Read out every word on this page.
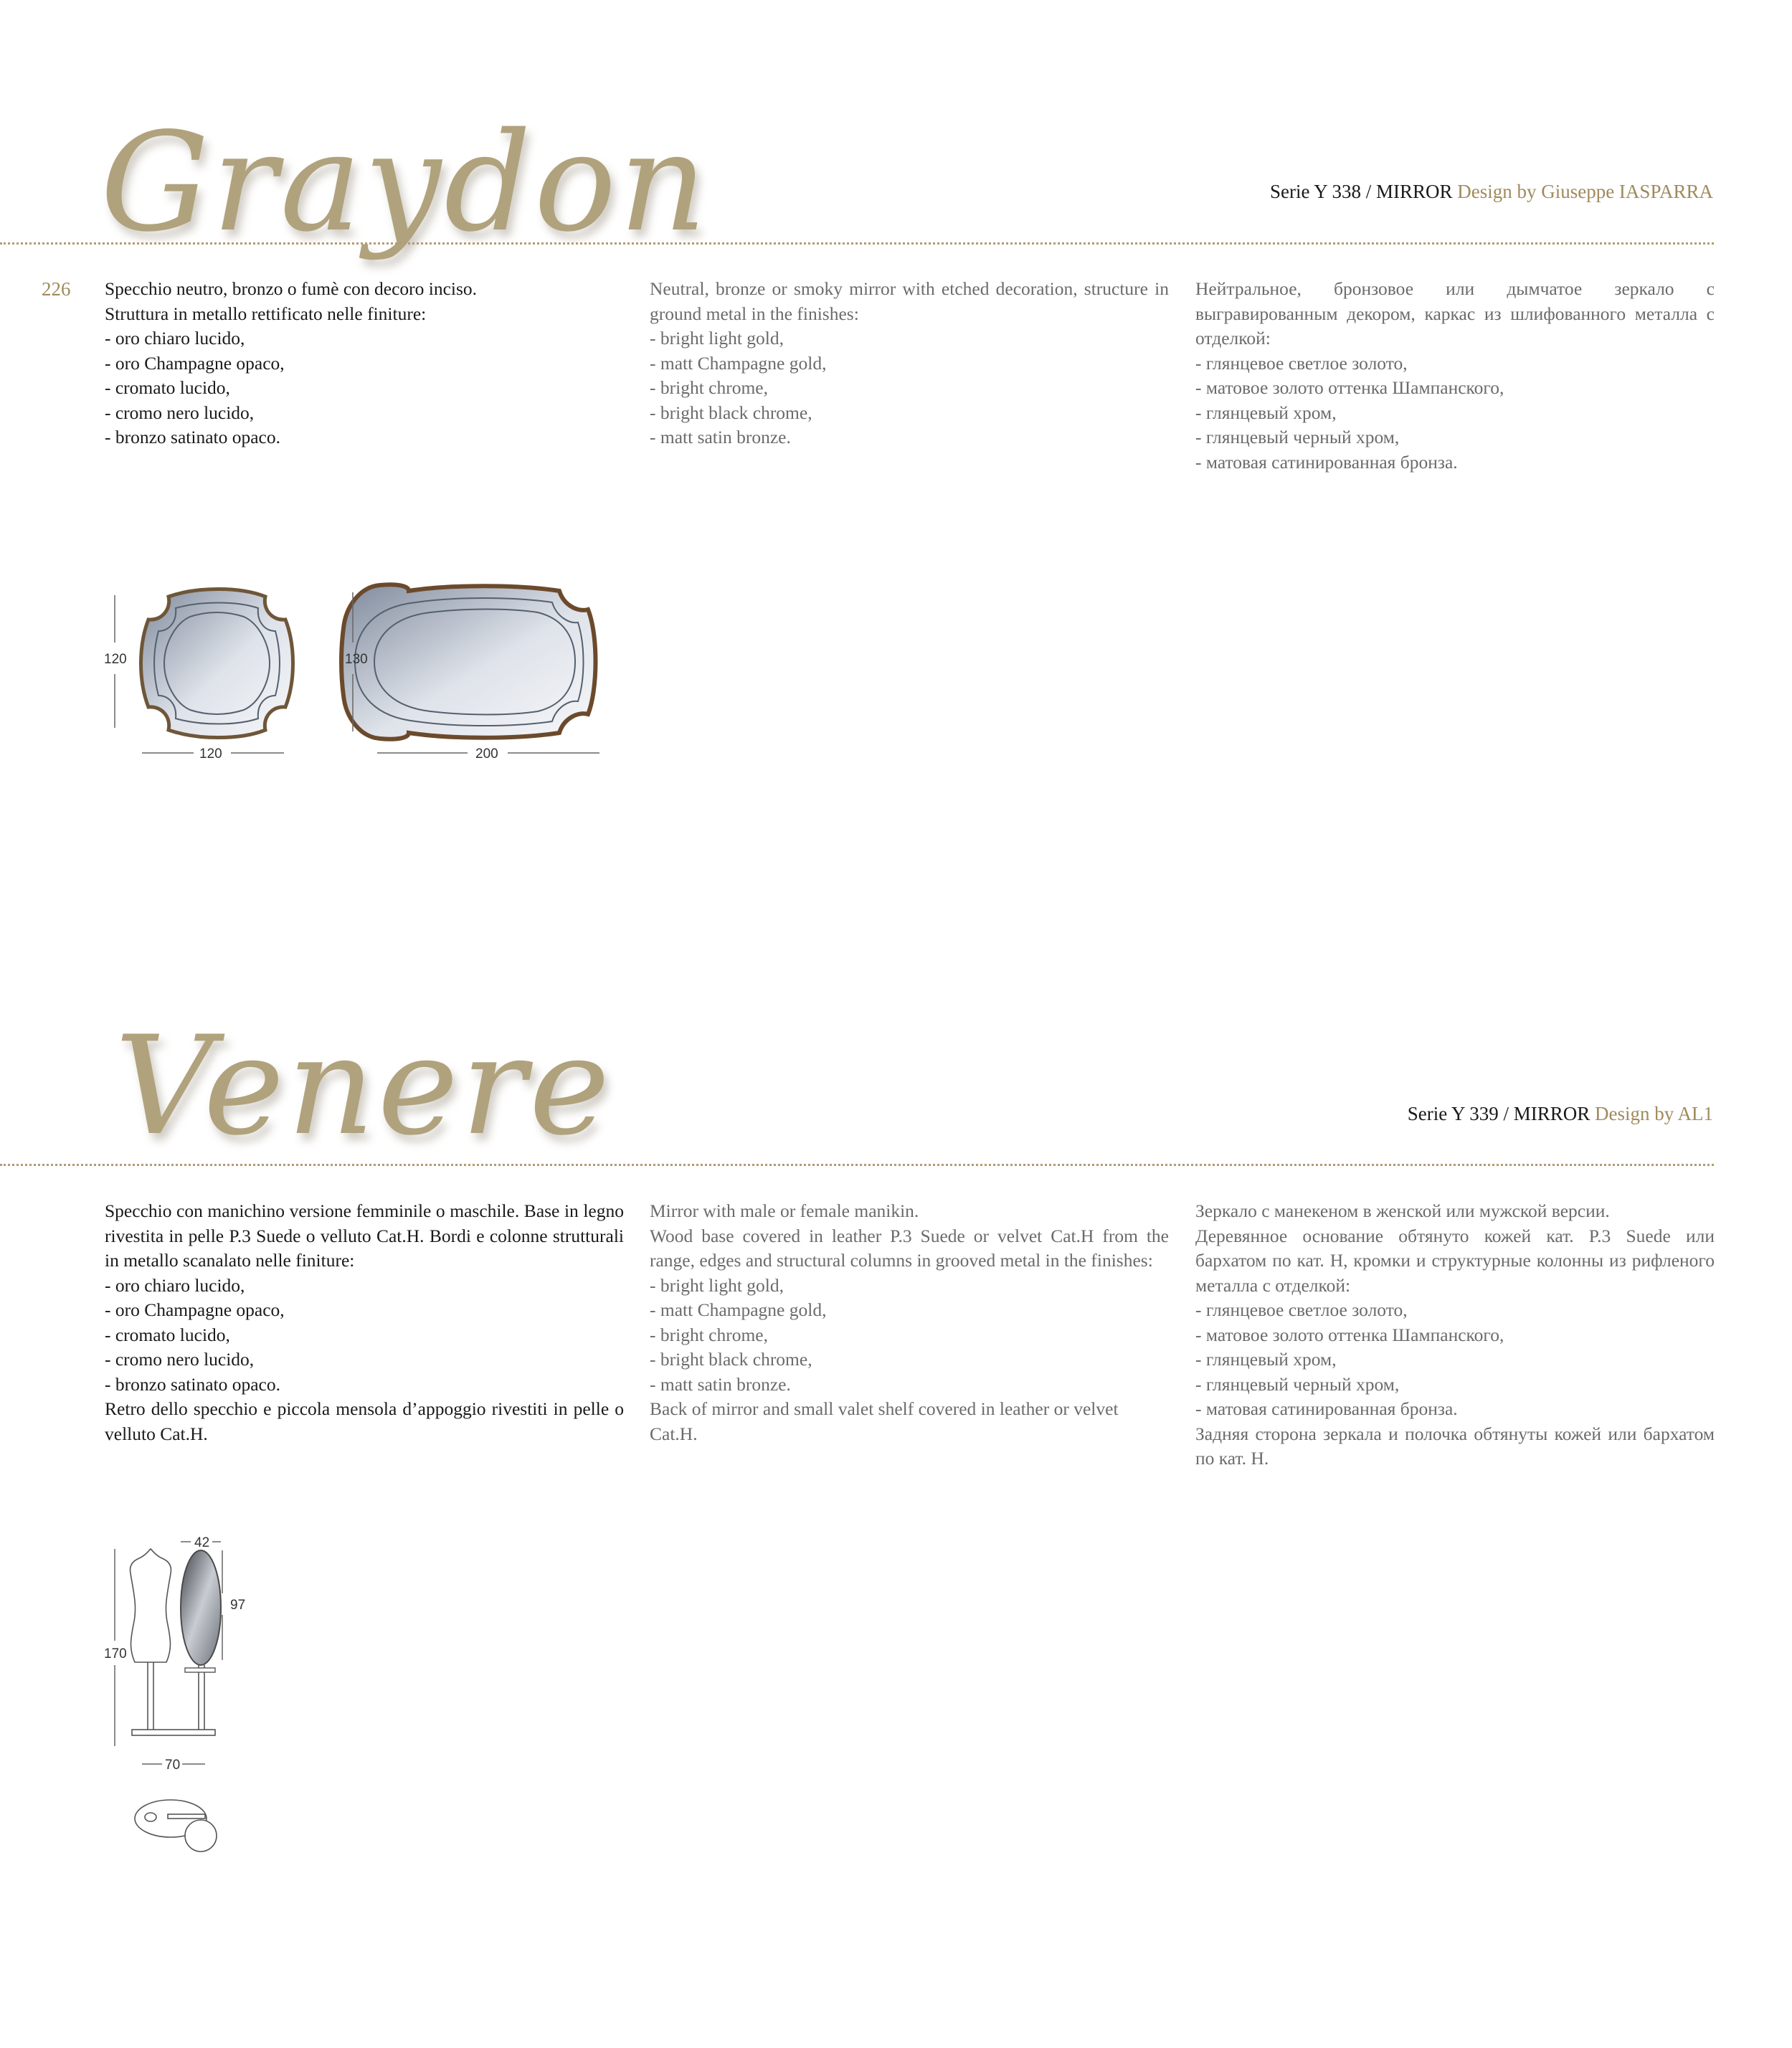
Graydon	Serie Y 338 / MIRROR Design by Giuseppe IASPARRA
226 Specchio neutro, bronzo o fumè con decoro inciso.

Struttura in metallo rettificato nelle finiture:

- oro chiaro lucido,

- oro Champagne opaco,

- cromato lucido,

- cromo nero lucido,

- bronzo satinato opaco.

Neutral, bronze or smoky mirror with etched decoration, structure in ground metal in the finishes:

- bright light gold,

- matt Champagne gold,

- bright chrome,

- bright black chrome,

- matt satin bronze.

Нейтральное, бронзовое или дымчатое зеркало с выгравированным декором, каркас из шлифованного металла с отделкой:

- глянцевое светлое золото,

- матовое золото оттенка Шампанского,

- глянцевый хром,

- глянцевый черный хром,

- матовая сатинированная бронза.

120
120
130
200
Venere	Serie Y 339 / MIRROR Design by AL1

Specchio con manichino versione femminile o maschile. Base in legno rivestita in pelle P.3 Suede o velluto Cat.H. Bordi e colonne strutturali in metallo scanalato nelle finiture:

- oro chiaro lucido,

- oro Champagne opaco,

- cromato lucido,

- cromo nero lucido,

- bronzo satinato opaco.

Retro dello specchio e piccola mensola d’appoggio rivestiti in pelle o velluto Cat.H.

Mirror with male or female manikin.

Wood base covered in leather P.3 Suede or velvet Cat.H from the range, edges and structural columns in grooved metal in the finishes:

- bright light gold,

- matt Champagne gold,

- bright chrome,

- bright black chrome,

- matt satin bronze.

Back of mirror and small valet shelf covered in leather or velvet Cat.H.

Зеркало с манекеном в женской или мужской версии.

Деревянное основание обтянуто кожей кат. P.3 Suede или бархатом по кат. H, кромки и структурные колонны из рифленого металла с отделкой:

- глянцевое светлое золото,

- матовое золото оттенка Шампанского,

- глянцевый хром,

- глянцевый черный хром,

- матовая сатинированная бронза.

Задняя сторона зеркала и полочка обтянуты кожей или бархатом по кат. H.

42
97
170
70
